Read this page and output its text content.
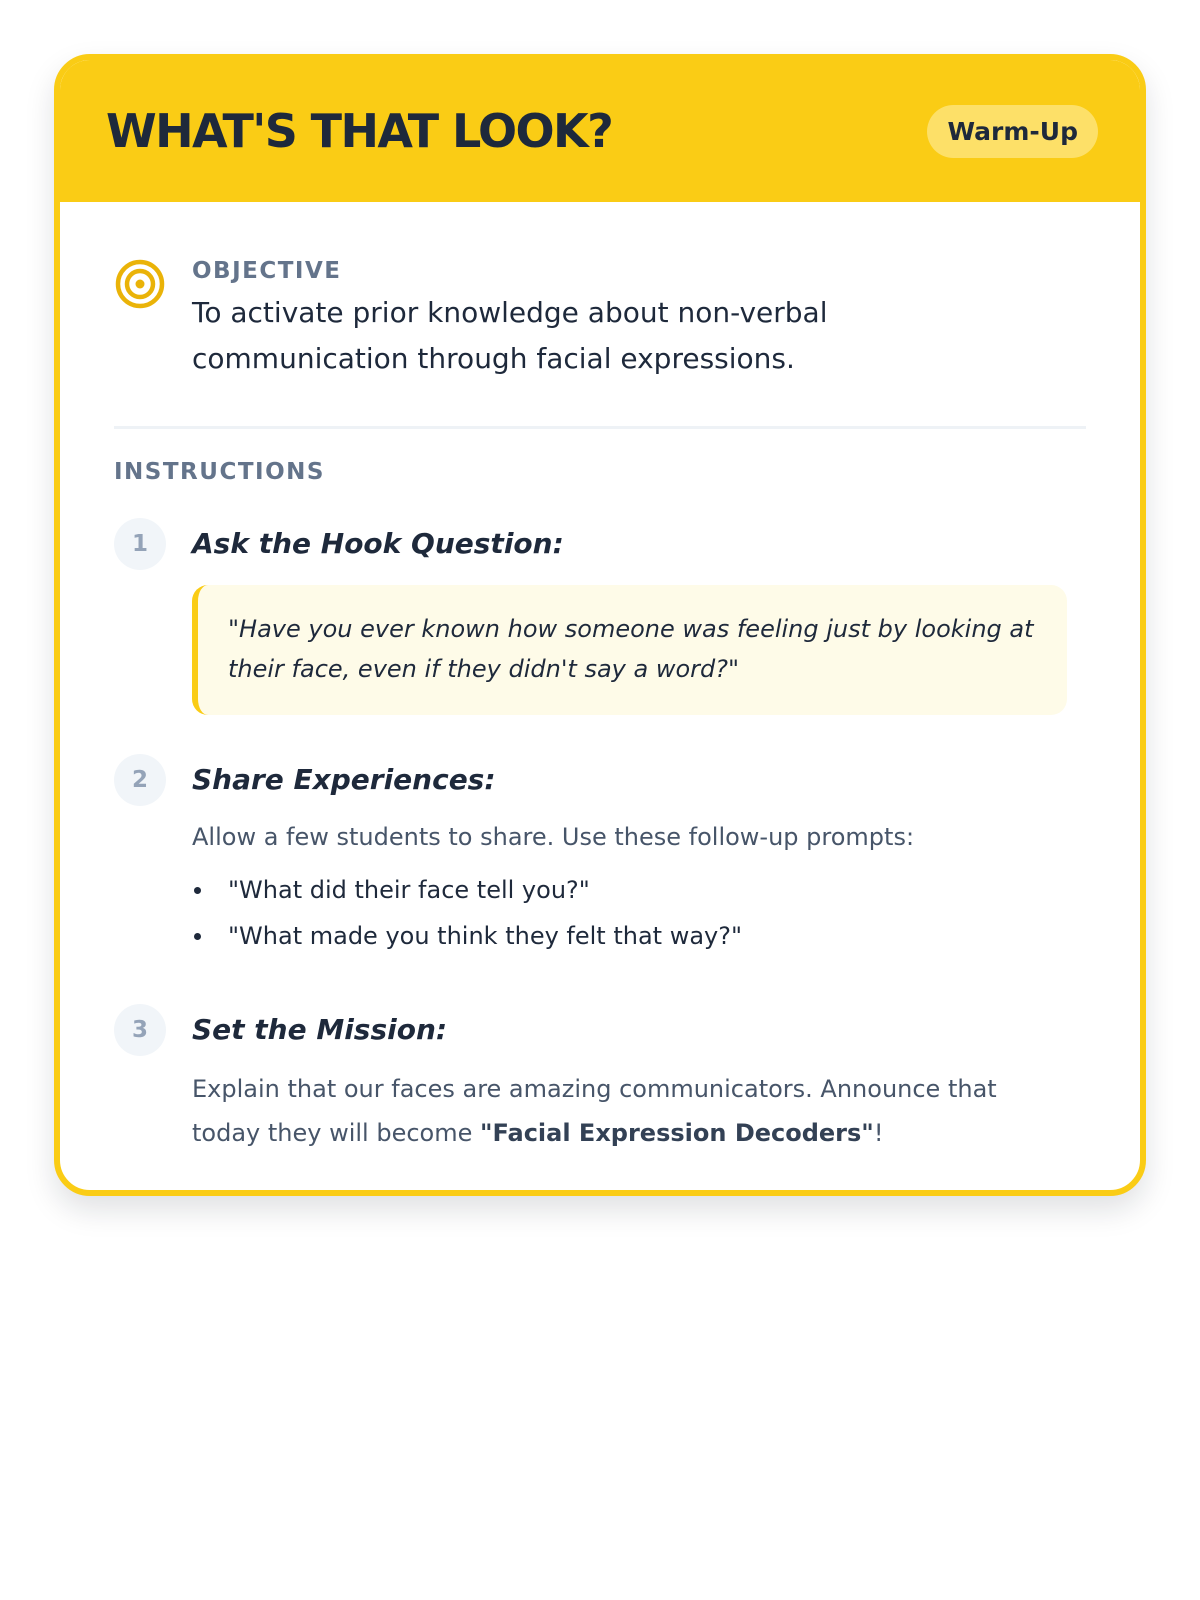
WHAT'S THAT LOOK?	Warm-Up
OBJECTIVE
To activate prior knowledge about non-verbal communication through facial expressions.
INSTRUCTIONS
1	Ask the Hook Question:
"Have you ever known how someone was feeling just by looking at their face, even if they didn't say a word?"
2	Share Experiences:
Allow a few students to share. Use these follow-up prompts:
"What did their face tell you?"
"What made you think they felt that way?"
3	Set the Mission:
Explain that our faces are amazing communicators. Announce that today they will become "Facial Expression Decoders"!
